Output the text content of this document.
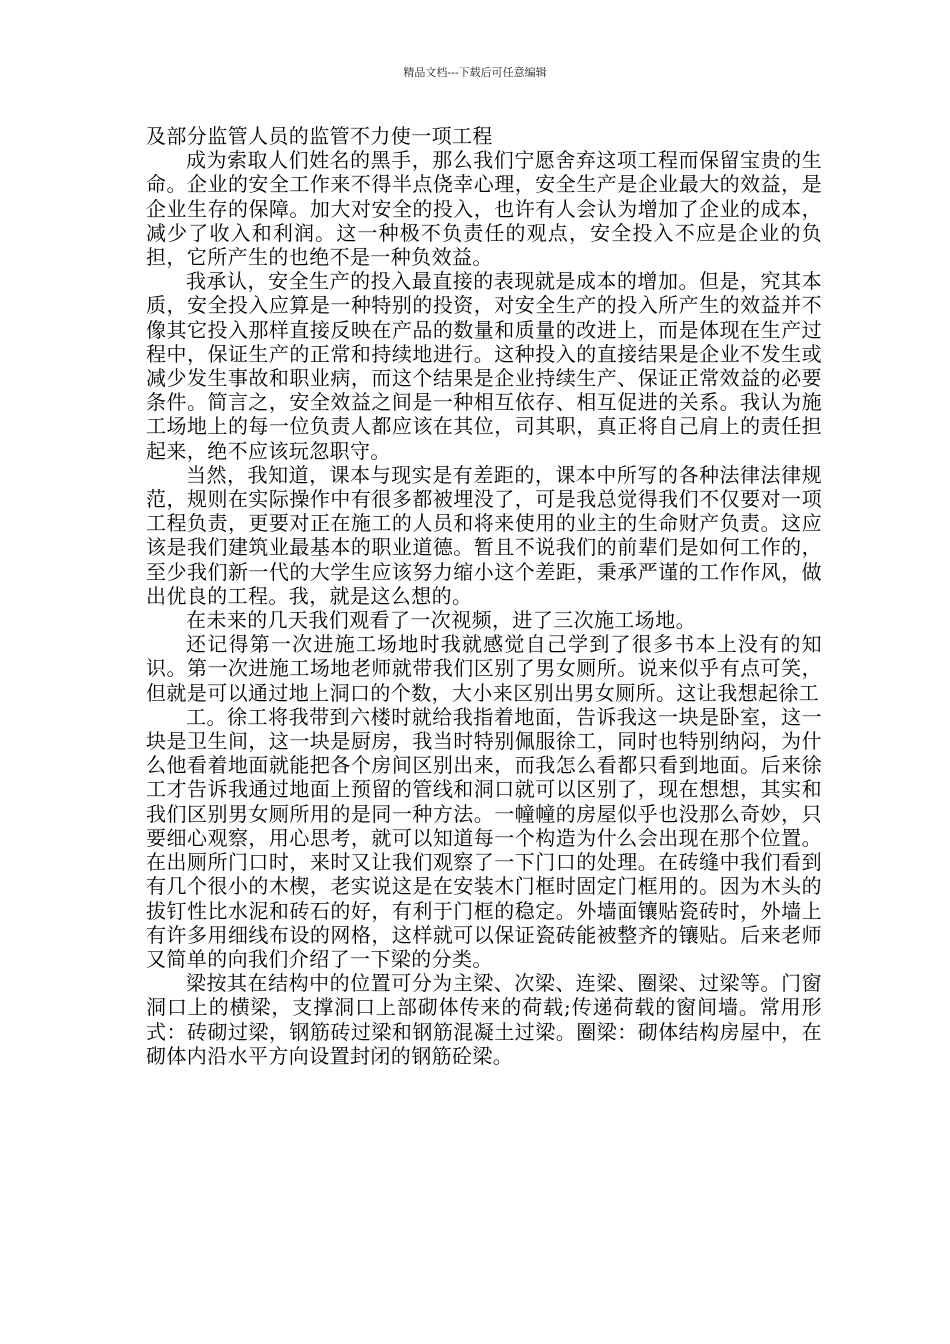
精品文档---下载后可任意编辑

及部分监管人员的监管不力使一项工程

成为索取人们姓名的黑手，那么我们宁愿舍弃这项工程而保留宝贵的生命。企业的安全工作来不得半点侥幸心理，安全生产是企业最大的效益，是企业生存的保障。加大对安全的投入，也许有人会认为增加了企业的成本，减少了收入和利润。这一种极不负责任的观点，安全投入不应是企业的负担，它所产生的也绝不是一种负效益。

我承认，安全生产的投入最直接的表现就是成本的增加。但是，究其本质，安全投入应算是一种特别的投资，对安全生产的投入所产生的效益并不像其它投入那样直接反映在产品的数量和质量的改进上，而是体现在生产过程中，保证生产的正常和持续地进行。这种投入的直接结果是企业不发生或减少发生事故和职业病，而这个结果是企业持续生产、保证正常效益的必要条件。简言之，安全效益之间是一种相互依存、相互促进的关系。我认为施工场地上的每一位负责人都应该在其位，司其职，真正将自己肩上的责任担起来，绝不应该玩忽职守。

当然，我知道，课本与现实是有差距的，课本中所写的各种法律法律规范，规则在实际操作中有很多都被埋没了，可是我总觉得我们不仅要对一项工程负责，更要对正在施工的人员和将来使用的业主的生命财产负责。这应该是我们建筑业最基本的职业道德。暂且不说我们的前辈们是如何工作的，至少我们新一代的大学生应该努力缩小这个差距，秉承严谨的工作作风，做出优良的工程。我，就是这么想的。

在未来的几天我们观看了一次视频，进了三次施工场地。

还记得第一次进施工场地时我就感觉自己学到了很多书本上没有的知识。第一次进施工场地老师就带我们区别了男女厕所。说来似乎有点可笑，但就是可以通过地上洞口的个数，大小来区别出男女厕所。这让我想起徐工

工。徐工将我带到六楼时就给我指着地面，告诉我这一块是卧室，这一块是卫生间，这一块是厨房，我当时特别佩服徐工，同时也特别纳闷，为什么他看着地面就能把各个房间区别出来，而我怎么看都只看到地面。后来徐工才告诉我通过地面上预留的管线和洞口就可以区别了，现在想想，其实和我们区别男女厕所用的是同一种方法。一幢幢的房屋似乎也没那么奇妙，只要细心观察，用心思考，就可以知道每一个构造为什么会出现在那个位置。在出厕所门口时，来时又让我们观察了一下门口的处理。在砖缝中我们看到有几个很小的木楔，老实说这是在安装木门框时固定门框用的。因为木头的拔钉性比水泥和砖石的好，有利于门框的稳定。外墙面镶贴瓷砖时，外墙上有许多用细线布设的网格，这样就可以保证瓷砖能被整齐的镶贴。后来老师又简单的向我们介绍了一下梁的分类。

梁按其在结构中的位置可分为主梁、次梁、连梁、圈梁、过梁等。门窗洞口上的横梁，支撑洞口上部砌体传来的荷载;传递荷载的窗间墙。常用形式：砖砌过梁，钢筋砖过梁和钢筋混凝土过梁。圈梁：砌体结构房屋中，在砌体内沿水平方向设置封闭的钢筋砼梁。
